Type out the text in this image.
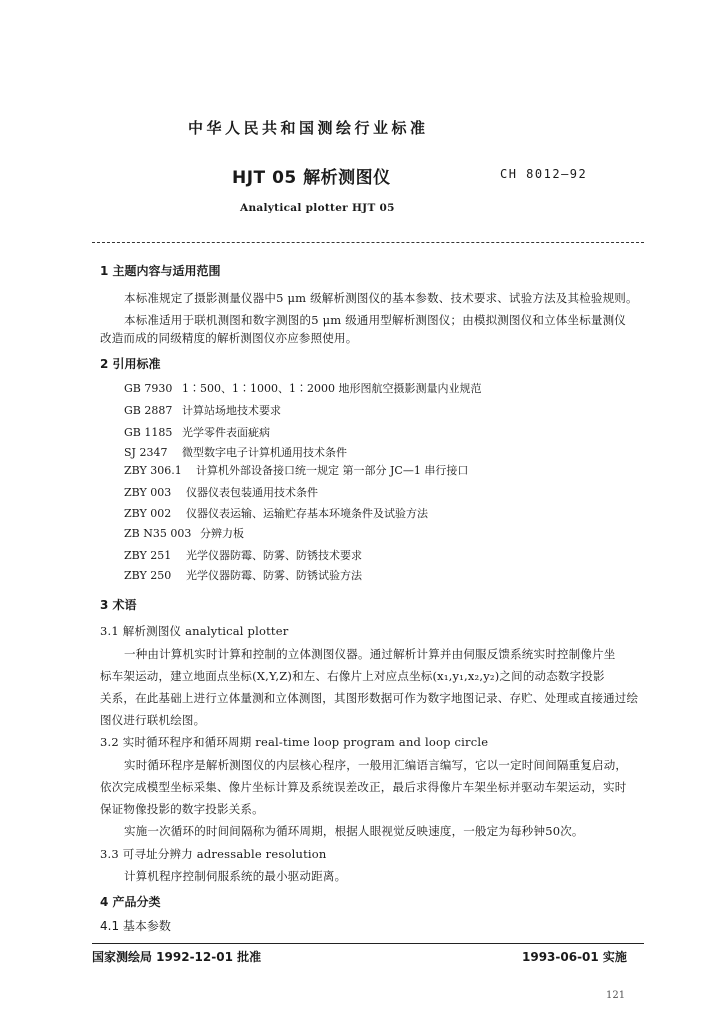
中华人民共和国测绘行业标准
HJT 05 解析测图仪	CH 8012—92
Analytical plotter HJT 05
1 主题内容与适用范围
本标准规定了摄影测量仪器中5 μm 级解析测图仪的基本参数、技术要求、试验方法及其检验规则。
本标准适用于联机测图和数字测图的5 μm 级通用型解析测图仪；由模拟测图仪和立体坐标量测仪
改造而成的同级精度的解析测图仪亦应参照使用。
2 引用标准
GB 7930 1∶500、1∶1000、1∶2000 地形图航空摄影测量内业规范
GB 2887 计算站场地技术要求
GB 1185 光学零件表面疵病
SJ 2347 微型数字电子计算机通用技术条件
ZBY 306.1 计算机外部设备接口统一规定 第一部分 JC—1 串行接口
ZBY 003 仪器仪表包装通用技术条件
ZBY 002 仪器仪表运输、运输贮存基本环境条件及试验方法
ZB N35 003 分辨力板
ZBY 251 光学仪器防霉、防雾、防锈技术要求
ZBY 250 光学仪器防霉、防雾、防锈试验方法
3 术语
3.1 解析测图仪 analytical plotter
一种由计算机实时计算和控制的立体测图仪器。通过解析计算并由伺服反馈系统实时控制像片坐
标车架运动，建立地面点坐标(X,Y,Z)和左、右像片上对应点坐标(x₁,y₁,x₂,y₂)之间的动态数字投影
关系，在此基础上进行立体量测和立体测图，其图形数据可作为数字地图记录、存贮、处理或直接通过绘
图仪进行联机绘图。
3.2 实时循环程序和循环周期 real-time loop program and loop circle
实时循环程序是解析测图仪的内层核心程序，一般用汇编语言编写，它以一定时间间隔重复启动，
依次完成模型坐标采集、像片坐标计算及系统误差改正，最后求得像片车架坐标并驱动车架运动，实时
保证物像投影的数字投影关系。
实施一次循环的时间间隔称为循环周期，根据人眼视觉反映速度，一般定为每秒钟50次。
3.3 可寻址分辨力 adressable resolution
计算机程序控制伺服系统的最小驱动距离。
4 产品分类
4.1 基本参数
国家测绘局 1992-12-01 批准	1993-06-01 实施
121
